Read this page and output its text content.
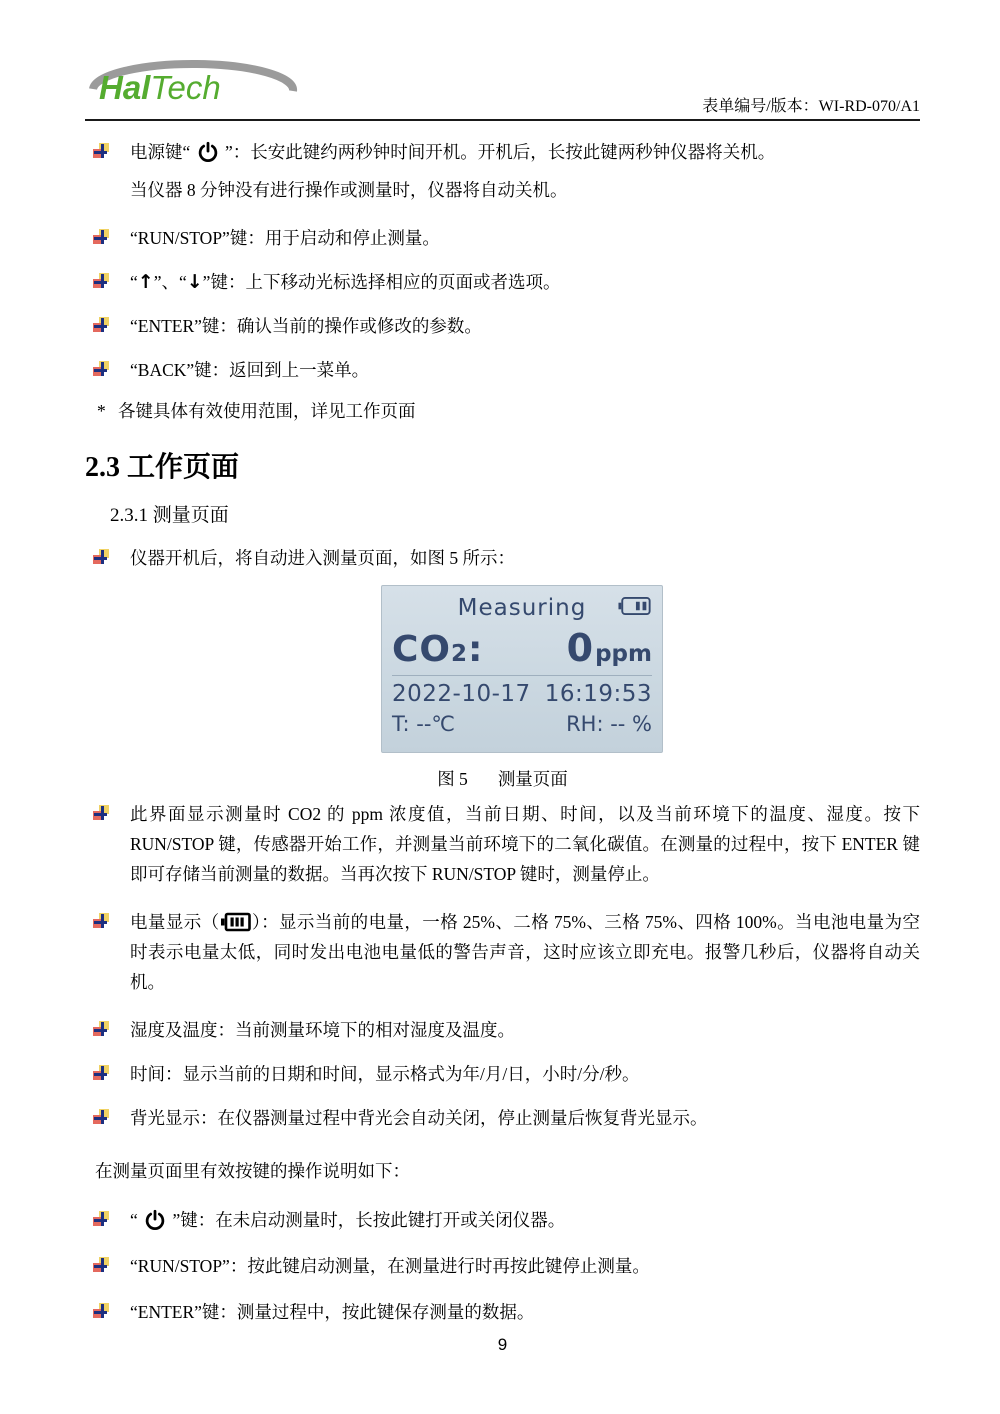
HalTech
表单编号/版本：WI-RD-070/A1
电源键“  ”：长安此键约两秒钟时间开机。开机后，长按此键两秒钟仪器将关机。
当仪器 8 分钟没有进行操作或测量时，仪器将自动关机。
“RUN/STOP”键：用于启动和停止测量。
“↑”、“↓”键：上下移动光标选择相应的页面或者选项。
“ENTER”键：确认当前的操作或修改的参数。
“BACK”键：返回到上一菜单。
* 各键具体有效使用范围，详见工作页面
2.3 工作页面
2.3.1 测量页面
仪器开机后，将自动进入测量页面，如图 5 所示：
Measuring
CO2: 0 ppm
2022-10-17 16:19:53
T: --℃	RH: -- %
图 5 测量页面
此界面显示测量时 CO2 的 ppm 浓度值，当前日期、时间，以及当前环境下的温度、湿度。按下 RUN/STOP 键，传感器开始工作，并测量当前环境下的二氧化碳值。在测量的过程中，按下 ENTER 键即可存储当前测量的数据。当再次按下 RUN/STOP 键时，测量停止。
电量显示（ ）：显示当前的电量，一格 25%、二格 75%、三格 75%、四格 100%。当电池电量为空时表示电量太低，同时发出电池电量低的警告声音，这时应该立即充电。报警几秒后，仪器将自动关机。
湿度及温度：当前测量环境下的相对湿度及温度。
时间：显示当前的日期和时间，显示格式为年/月/日，小时/分/秒。
背光显示：在仪器测量过程中背光会自动关闭，停止测量后恢复背光显示。
在测量页面里有效按键的操作说明如下：
“  ”键：在未启动测量时，长按此键打开或关闭仪器。
“RUN/STOP”：按此键启动测量，在测量进行时再按此键停止测量。
“ENTER”键：测量过程中，按此键保存测量的数据。
9
